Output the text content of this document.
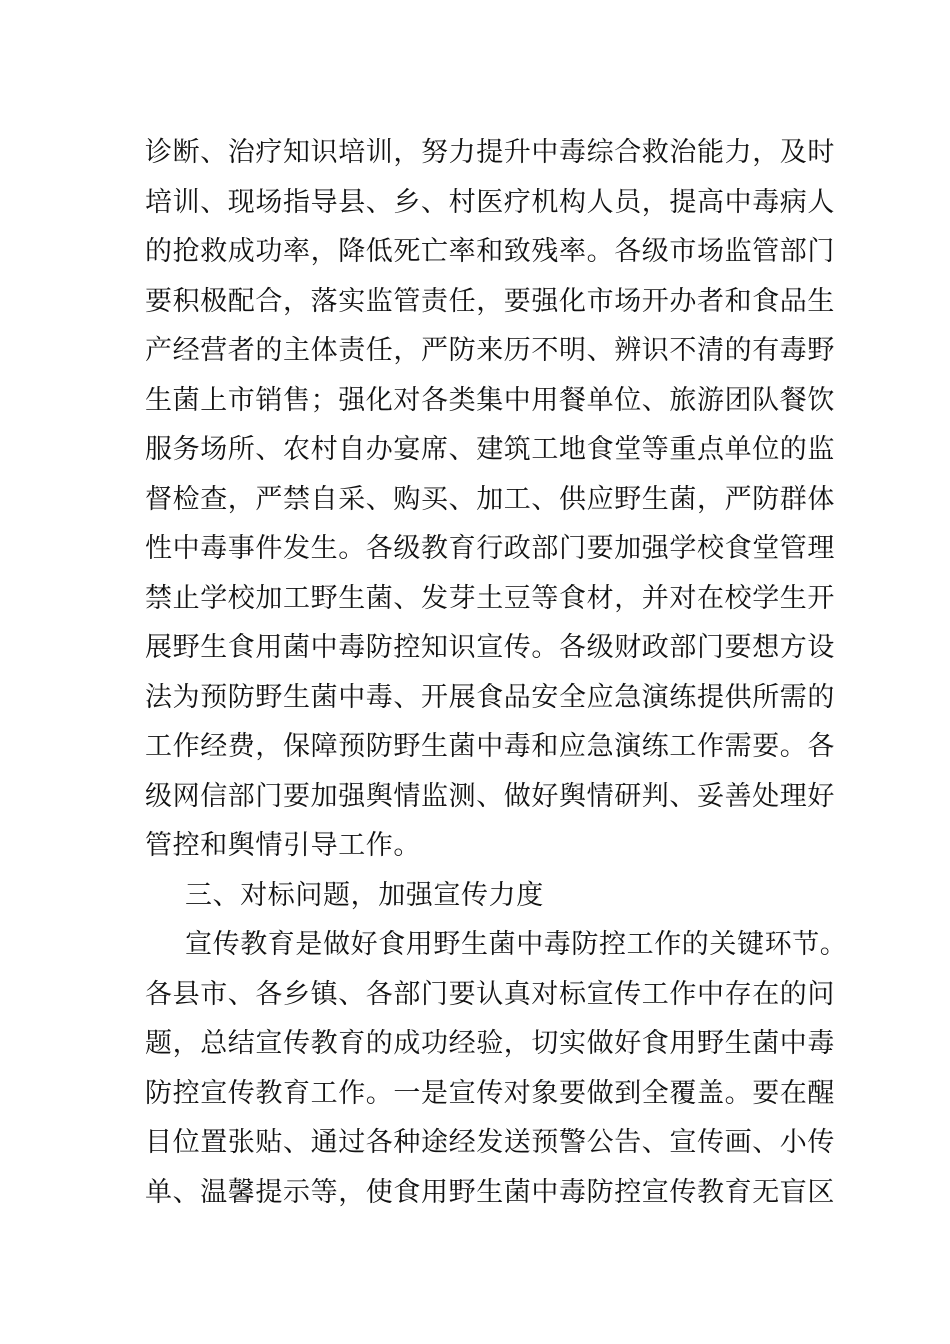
诊断、治疗知识培训，努力提升中毒综合救治能力，及时
培训、现场指导县、乡、村医疗机构人员，提高中毒病人
的抢救成功率，降低死亡率和致残率。各级市场监管部门
要积极配合，落实监管责任，要强化市场开办者和食品生
产经营者的主体责任，严防来历不明、辨识不清的有毒野
生菌上市销售；强化对各类集中用餐单位、旅游团队餐饮
服务场所、农村自办宴席、建筑工地食堂等重点单位的监
督检查，严禁自采、购买、加工、供应野生菌，严防群体
性中毒事件发生。各级教育行政部门要加强学校食堂管理
禁止学校加工野生菌、发芽土豆等食材，并对在校学生开
展野生食用菌中毒防控知识宣传。各级财政部门要想方设
法为预防野生菌中毒、开展食品安全应急演练提供所需的
工作经费，保障预防野生菌中毒和应急演练工作需要。各
级网信部门要加强舆情监测、做好舆情研判、妥善处理好
管控和舆情引导工作。
三、对标问题，加强宣传力度
宣传教育是做好食用野生菌中毒防控工作的关键环节。
各县市、各乡镇、各部门要认真对标宣传工作中存在的问
题，总结宣传教育的成功经验，切实做好食用野生菌中毒
防控宣传教育工作。一是宣传对象要做到全覆盖。要在醒
目位置张贴、通过各种途经发送预警公告、宣传画、小传
单、温馨提示等，使食用野生菌中毒防控宣传教育无盲区
